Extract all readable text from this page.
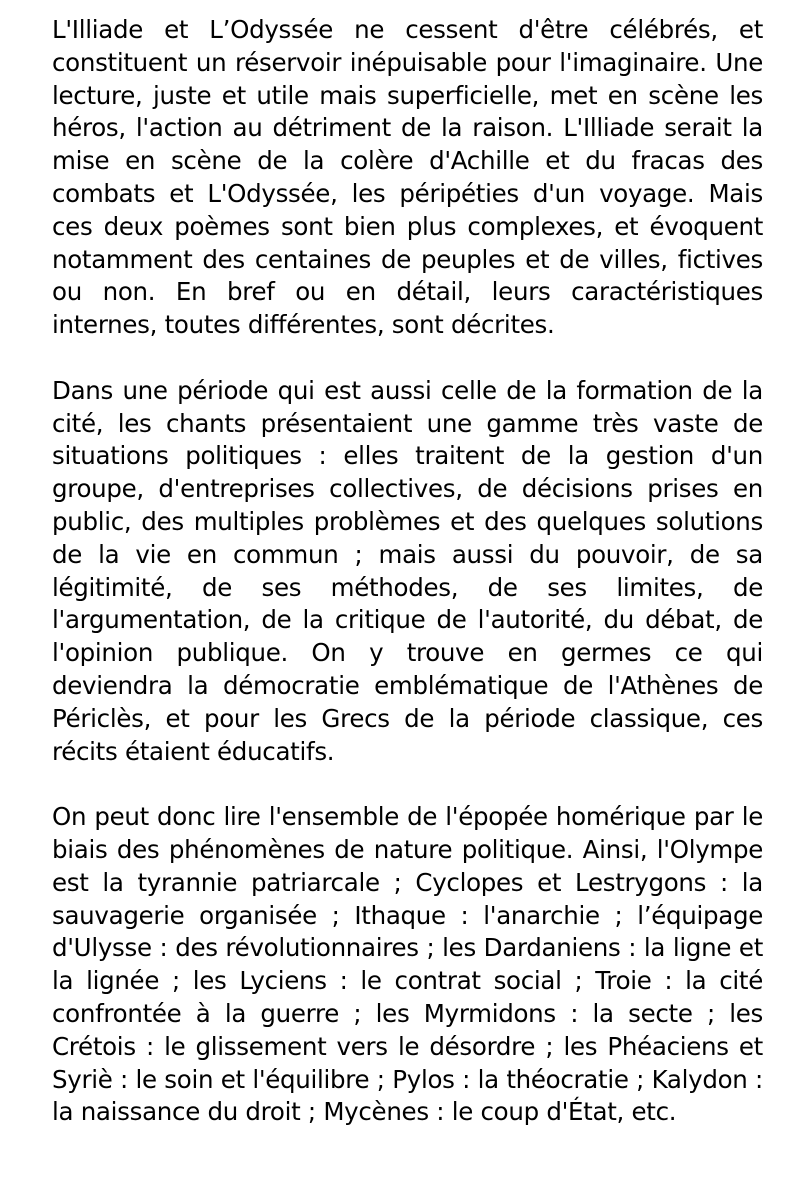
L'Illiade et L’Odyssée ne cessent d'être célébrés, et constituent un réservoir inépuisable pour l'imaginaire. Une lecture, juste et utile mais superficielle, met en scène les héros, l'action au détriment de la raison. L'Illiade serait la mise en scène de la colère d'Achille et du fracas des combats et L'Odyssée, les péripéties d'un voyage. Mais ces deux poèmes sont bien plus complexes, et évoquent notamment des centaines de peuples et de villes, fictives ou non. En bref ou en détail, leurs caractéristiques internes, toutes différentes, sont décrites.

Dans une période qui est aussi celle de la formation de la cité, les chants présentaient une gamme très vaste de situations politiques : elles traitent de la gestion d'un groupe, d'entreprises collectives, de décisions prises en public, des multiples problèmes et des quelques solutions de la vie en commun ; mais aussi du pouvoir, de sa légitimité, de ses méthodes, de ses limites, de l'argumentation, de la critique de l'autorité, du débat, de l'opinion publique. On y trouve en germes ce qui deviendra la démocratie emblématique de l'Athènes de Périclès, et pour les Grecs de la période classique, ces récits étaient éducatifs.

On peut donc lire l'ensemble de l'épopée homérique par le biais des phénomènes de nature politique. Ainsi, l'Olympe est la tyrannie patriarcale ; Cyclopes et Lestrygons : la sauvagerie organisée ; Ithaque : l'anarchie ; l’équipage d'Ulysse : des révolutionnaires ; les Dardaniens : la ligne et la lignée ; les Lyciens : le contrat social ; Troie : la cité confrontée à la guerre ; les Myrmidons : la secte ; les Crétois : le glissement vers le désordre ; les Phéaciens et Syriè : le soin et l'équilibre ; Pylos : la théocratie ; Kalydon : la naissance du droit ; Mycènes : le coup d'État, etc.
